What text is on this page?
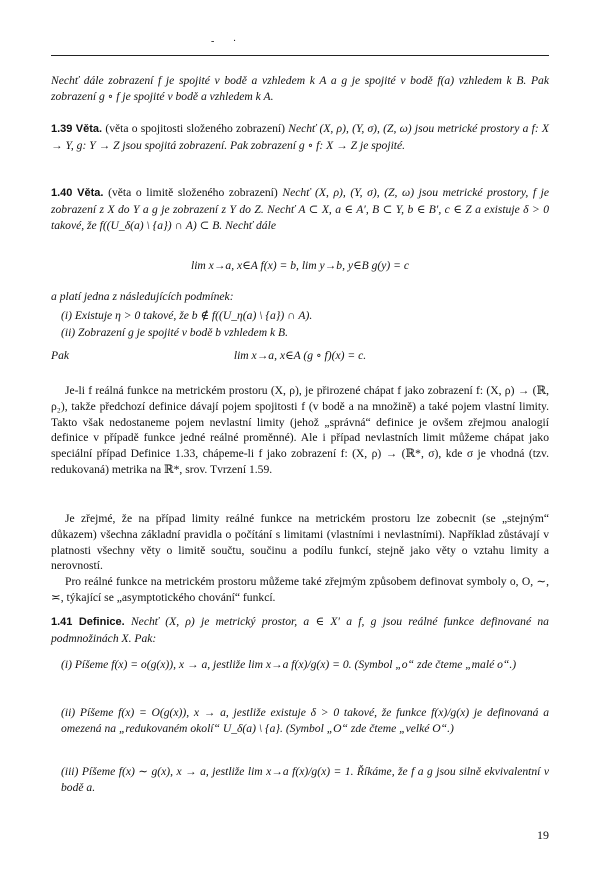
- ·
Nechť dále zobrazení f je spojité v bodě a vzhledem k A a g je spojité v bodě f(a) vzhledem k B. Pak zobrazení g ∘ f je spojité v bodě a vzhledem k A.
1.39 Věta. (věta o spojitosti složeného zobrazení) Nechť (X, ρ), (Y, σ), (Z, ω) jsou metrické prostory a f: X → Y, g: Y → Z jsou spojitá zobrazení. Pak zobrazení g ∘ f: X → Z je spojité.
1.40 Věta. (věta o limitě složeného zobrazení) Nechť (X, ρ), (Y, σ), (Z, ω) jsou metrické prostory, f je zobrazení z X do Y a g je zobrazení z Y do Z. Nechť A ⊂ X, a ∈ A′, B ⊂ Y, b ∈ B′, c ∈ Z a existuje δ > 0 takové, že f((U_δ(a) \ {a}) ∩ A) ⊂ B. Nechť dále
lim x→a, x∈A f(x) = b, lim y→b, y∈B g(y) = c
a platí jedna z následujících podmínek:
(i) Existuje η > 0 takové, že b ∉ f((U_η(a) \ {a}) ∩ A).
(ii) Zobrazení g je spojité v bodě b vzhledem k B.
Pak	lim x→a, x∈A (g ∘ f)(x) = c.
Je-li f reálná funkce na metrickém prostoru (X, ρ), je přirozené chápat f jako zobrazení f: (X, ρ) → (ℝ, ρ₂), takže předchozí definice dávají pojem spojitosti f (v bodě a na množině) a také pojem vlastní limity. Takto však nedostaneme pojem nevlastní limity (jehož „správná“ definice je ovšem zřejmou analogií definice v případě funkce jedné reálné proměnné). Ale i případ nevlastních limit můžeme chápat jako speciální případ Definice 1.33, chápeme-li f jako zobrazení f: (X, ρ) → (ℝ*, σ), kde σ je vhodná (tzv. redukovaná) metrika na ℝ*, srov. Tvrzení 1.59.
Je zřejmé, že na případ limity reálné funkce na metrickém prostoru lze zobecnit (se „stejným“ důkazem) všechna základní pravidla o počítání s limitami (vlastními i nevlastními). Například zůstávají v platnosti všechny věty o limitě součtu, součinu a podílu funkcí, stejně jako věty o vztahu limity a nerovností.
Pro reálné funkce na metrickém prostoru můžeme také zřejmým způsobem definovat symboly o, O, ∼, ≍, týkající se „asymptotického chování“ funkcí.
1.41 Definice. Nechť (X, ρ) je metrický prostor, a ∈ X′ a f, g jsou reálné funkce definované na podmnožinách X. Pak:
(i) Píšeme f(x) = o(g(x)), x → a, jestliže lim x→a f(x)/g(x) = 0. (Symbol „o“ zde čteme „malé o“.)
(ii) Píšeme f(x) = O(g(x)), x → a, jestliže existuje δ > 0 takové, že funkce f(x)/g(x) je definovaná a omezená na „redukovaném okolí“ U_δ(a) \ {a}. (Symbol „O“ zde čteme „velké O“.)
(iii) Píšeme f(x) ∼ g(x), x → a, jestliže lim x→a f(x)/g(x) = 1. Říkáme, že f a g jsou silně ekvivalentní v bodě a.
19
